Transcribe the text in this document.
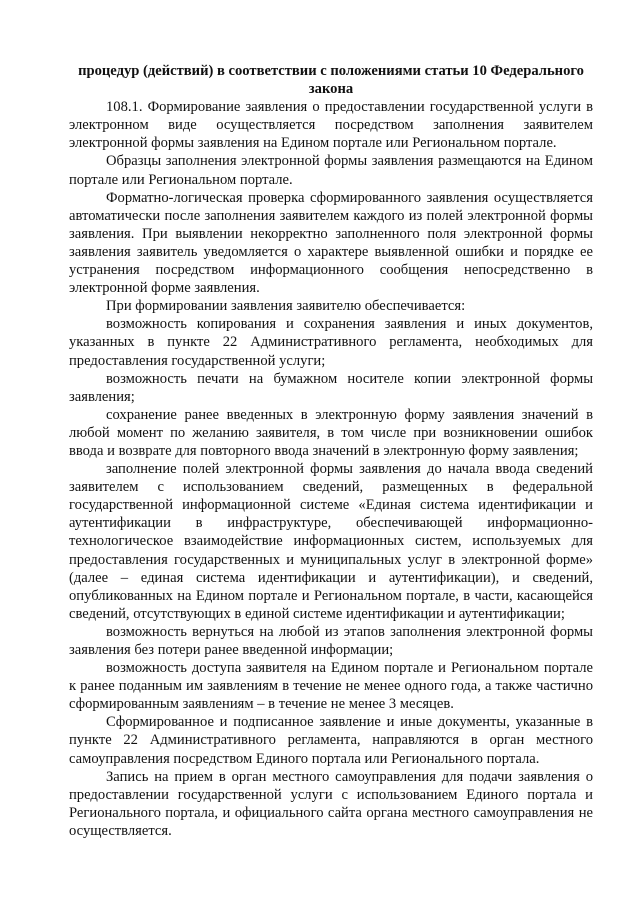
процедур (действий) в соответствии с положениями статьи 10 Федерального закона

108.1. Формирование заявления о предоставлении государственной услуги в электронном виде осуществляется посредством заполнения заявителем электронной формы заявления на Едином портале или Региональном портале.

Образцы заполнения электронной формы заявления размещаются на Едином портале или Региональном портале.

Форматно-логическая проверка сформированного заявления осуществляется автоматически после заполнения заявителем каждого из полей электронной формы заявления. При выявлении некорректно заполненного поля электронной формы заявления заявитель уведомляется о характере выявленной ошибки и порядке ее устранения посредством информационного сообщения непосредственно в электронной форме заявления.

При формировании заявления заявителю обеспечивается:

возможность копирования и сохранения заявления и иных документов, указанных в пункте 22 Административного регламента, необходимых для предоставления государственной услуги;

возможность печати на бумажном носителе копии электронной формы заявления;

сохранение ранее введенных в электронную форму заявления значений в любой момент по желанию заявителя, в том числе при возникновении ошибок ввода и возврате для повторного ввода значений в электронную форму заявления;

заполнение полей электронной формы заявления до начала ввода сведений заявителем с использованием сведений, размещенных в федеральной государственной информационной системе «Единая система идентификации и аутентификации в инфраструктуре, обеспечивающей информационно-технологическое взаимодействие информационных систем, используемых для предоставления государственных и муниципальных услуг в электронной форме» (далее – единая система идентификации и аутентификации), и сведений, опубликованных на Едином портале и Региональном портале, в части, касающейся сведений, отсутствующих в единой системе идентификации и аутентификации;

возможность вернуться на любой из этапов заполнения электронной формы заявления без потери ранее введенной информации;

возможность доступа заявителя на Едином портале и Региональном портале к ранее поданным им заявлениям в течение не менее одного года, а также частично сформированным заявлениям – в течение не менее 3 месяцев.

Сформированное и подписанное заявление и иные документы, указанные в пункте 22 Административного регламента, направляются в орган местного самоуправления посредством Единого портала или Регионального портала.

Запись на прием в орган местного самоуправления для подачи заявления о предоставлении государственной услуги с использованием Единого портала и Регионального портала, и официального сайта органа местного самоуправления не осуществляется.
